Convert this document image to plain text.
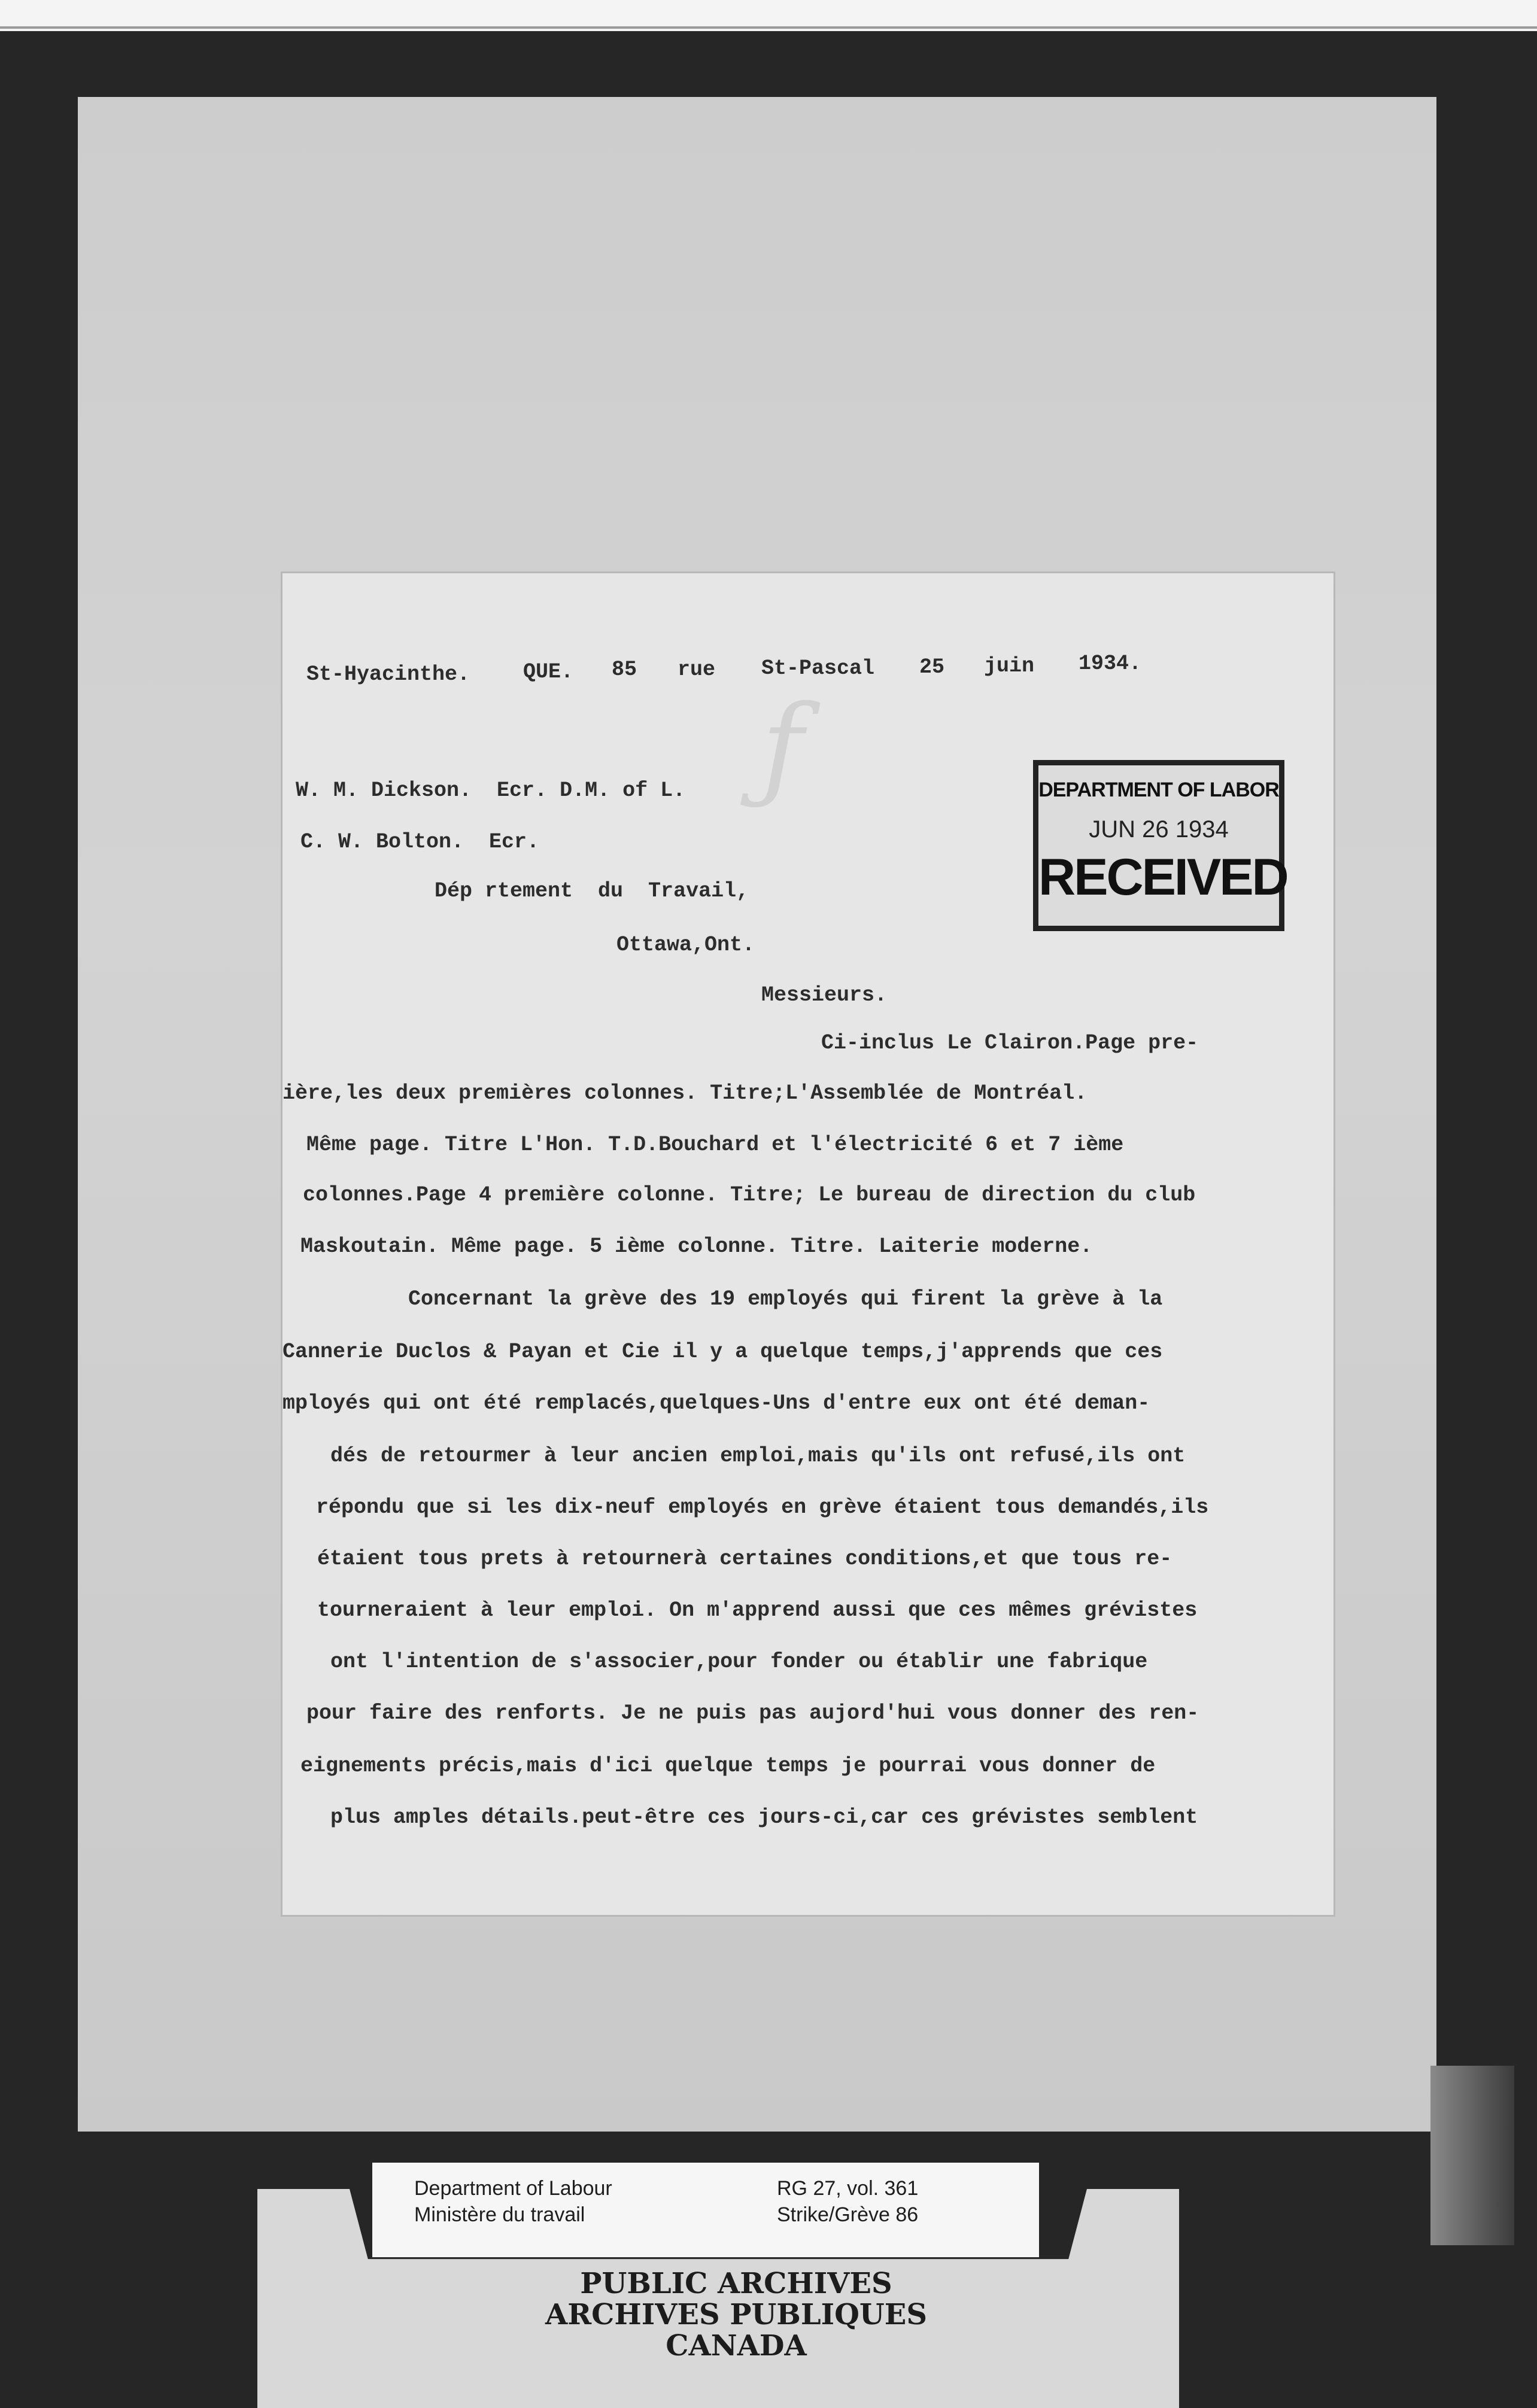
ƒ
St-Hyacinthe.	QUE. 85 rue St-Pascal 25 juin 1934.
W. M. Dickson.  Ecr. D.M. of L.
C. W. Bolton.  Ecr.
Dép rtement  du  Travail,
Ottawa,Ont.
Messieurs.
Ci-inclus Le Clairon.Page pre-
ière,les deux premières colonnes. Titre;L'Assemblée de Montréal.
Même page. Titre L'Hon. T.D.Bouchard et l'électricité 6 et 7 ième
colonnes.Page 4 première colonne. Titre; Le bureau de direction du club
Maskoutain. Même page. 5 ième colonne. Titre. Laiterie moderne.
Concernant la grève des 19 employés qui firent la grève à la
Cannerie Duclos & Payan et Cie il y a quelque temps,j'apprends que ces
mployés qui ont été remplacés,quelques-Uns d'entre eux ont été deman-
dés de retourmer à leur ancien emploi,mais qu'ils ont refusé,ils ont
répondu que si les dix-neuf employés en grève étaient tous demandés,ils
étaient tous prets à retournerà certaines conditions,et que tous re-
tourneraient à leur emploi. On m'apprend aussi que ces mêmes grévistes
ont l'intention de s'associer,pour fonder ou établir une fabrique
pour faire des renforts. Je ne puis pas aujord'hui vous donner des ren-
eignements précis,mais d'ici quelque temps je pourrai vous donner de
plus amples détails.peut-être ces jours-ci,car ces grévistes semblent
DEPARTMENT OF LABOR
JUN 26 1934
RECEIVED
Department of Labour
Ministère du travail
RG 27, vol. 361
Strike/Grève 86
PUBLIC ARCHIVES
ARCHIVES PUBLIQUES
CANADA
